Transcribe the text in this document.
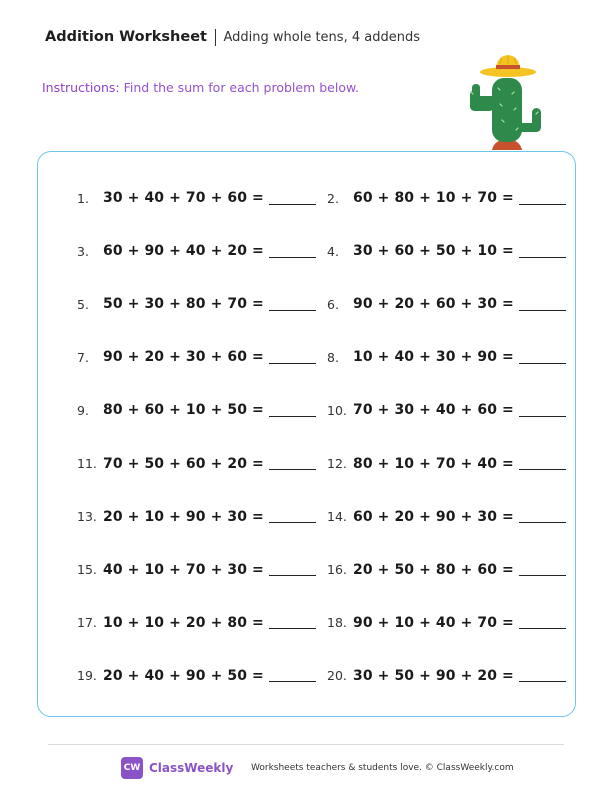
Addition Worksheet Adding whole tens, 4 addends
Instructions: Find the sum for each problem below.
1.	30 + 40 + 70 + 60 =	2.	60 + 80 + 10 + 70 =
3.	60 + 90 + 40 + 20 =	4.	30 + 60 + 50 + 10 =
5.	50 + 30 + 80 + 70 =	6.	90 + 20 + 60 + 30 =
7.	90 + 20 + 30 + 60 =	8.	10 + 40 + 30 + 90 =
9.	80 + 60 + 10 + 50 =	10. 70 + 30 + 40 + 60 =
11. 70 + 50 + 60 + 20 =	12. 80 + 10 + 70 + 40 =
13. 20 + 10 + 90 + 30 =	14. 60 + 20 + 90 + 30 =
15. 40 + 10 + 70 + 30 =	16. 20 + 50 + 80 + 60 =
17. 10 + 10 + 20 + 80 =	18. 90 + 10 + 40 + 70 =
19. 20 + 40 + 90 + 50 =	20. 30 + 50 + 90 + 20 =
CW ClassWeekly Worksheets teachers & students love. © ClassWeekly.com
